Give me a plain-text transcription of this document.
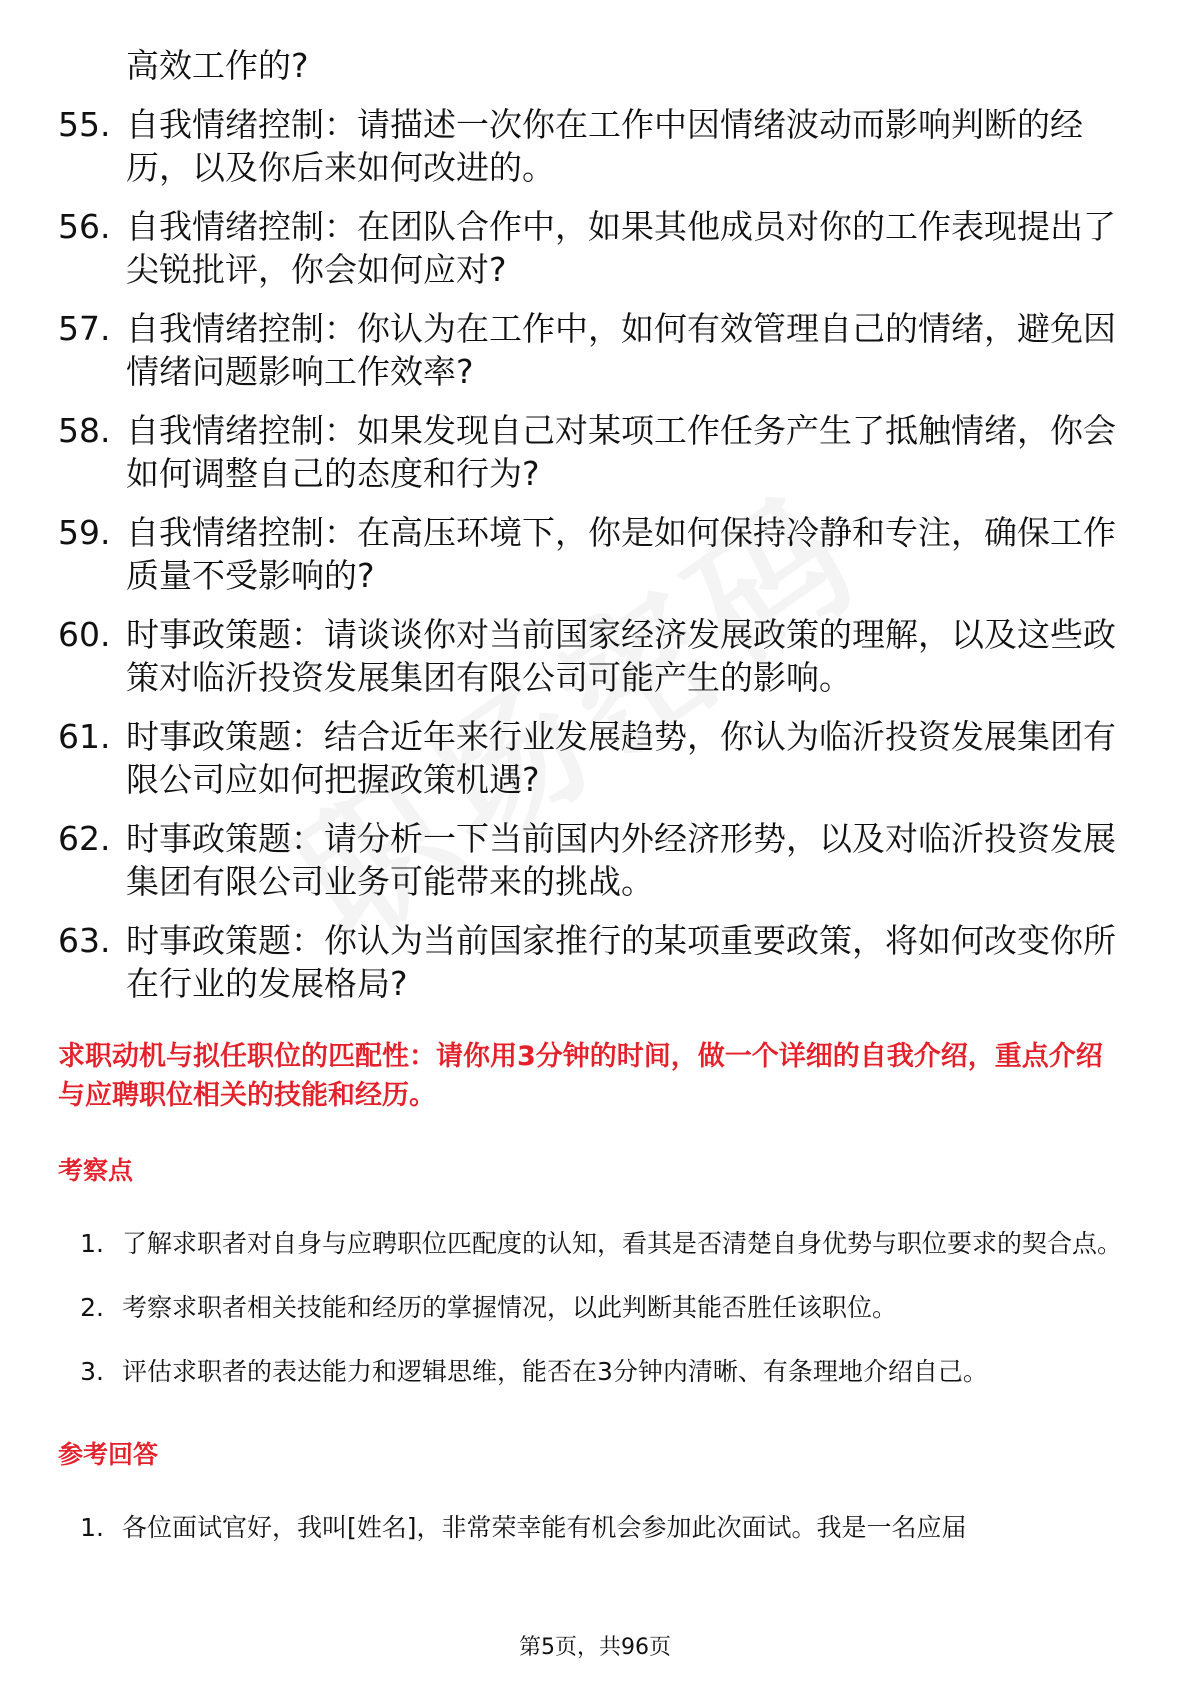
高效工作的?
55. 自我情绪控制：请描述一次你在工作中因情绪波动而影响判断的经历，以及你后来如何改进的。
56. 自我情绪控制：在团队合作中，如果其他成员对你的工作表现提出了尖锐批评，你会如何应对?
57. 自我情绪控制：你认为在工作中，如何有效管理自己的情绪，避免因情绪问题影响工作效率?
58. 自我情绪控制：如果发现自己对某项工作任务产生了抵触情绪，你会如何调整自己的态度和行为?
59. 自我情绪控制：在高压环境下，你是如何保持冷静和专注，确保工作质量不受影响的?
60. 时事政策题：请谈谈你对当前国家经济发展政策的理解，以及这些政策对临沂投资发展集团有限公司可能产生的影响。
61. 时事政策题：结合近年来行业发展趋势，你认为临沂投资发展集团有限公司应如何把握政策机遇?
62. 时事政策题：请分析一下当前国内外经济形势，以及对临沂投资发展集团有限公司业务可能带来的挑战。
63. 时事政策题：你认为当前国家推行的某项重要政策，将如何改变你所在行业的发展格局?
求职动机与拟任职位的匹配性：请你用3分钟的时间，做一个详细的自我介绍，重点介绍与应聘职位相关的技能和经历。
考察点
1. 了解求职者对自身与应聘职位匹配度的认知，看其是否清楚自身优势与职位要求的契合点。
2. 考察求职者相关技能和经历的掌握情况，以此判断其能否胜任该职位。
3. 评估求职者的表达能力和逻辑思维，能否在3分钟内清晰、有条理地介绍自己。
参考回答
1. 各位面试官好，我叫[姓名]，非常荣幸能有机会参加此次面试。我是一名应届
第5页，共96页
